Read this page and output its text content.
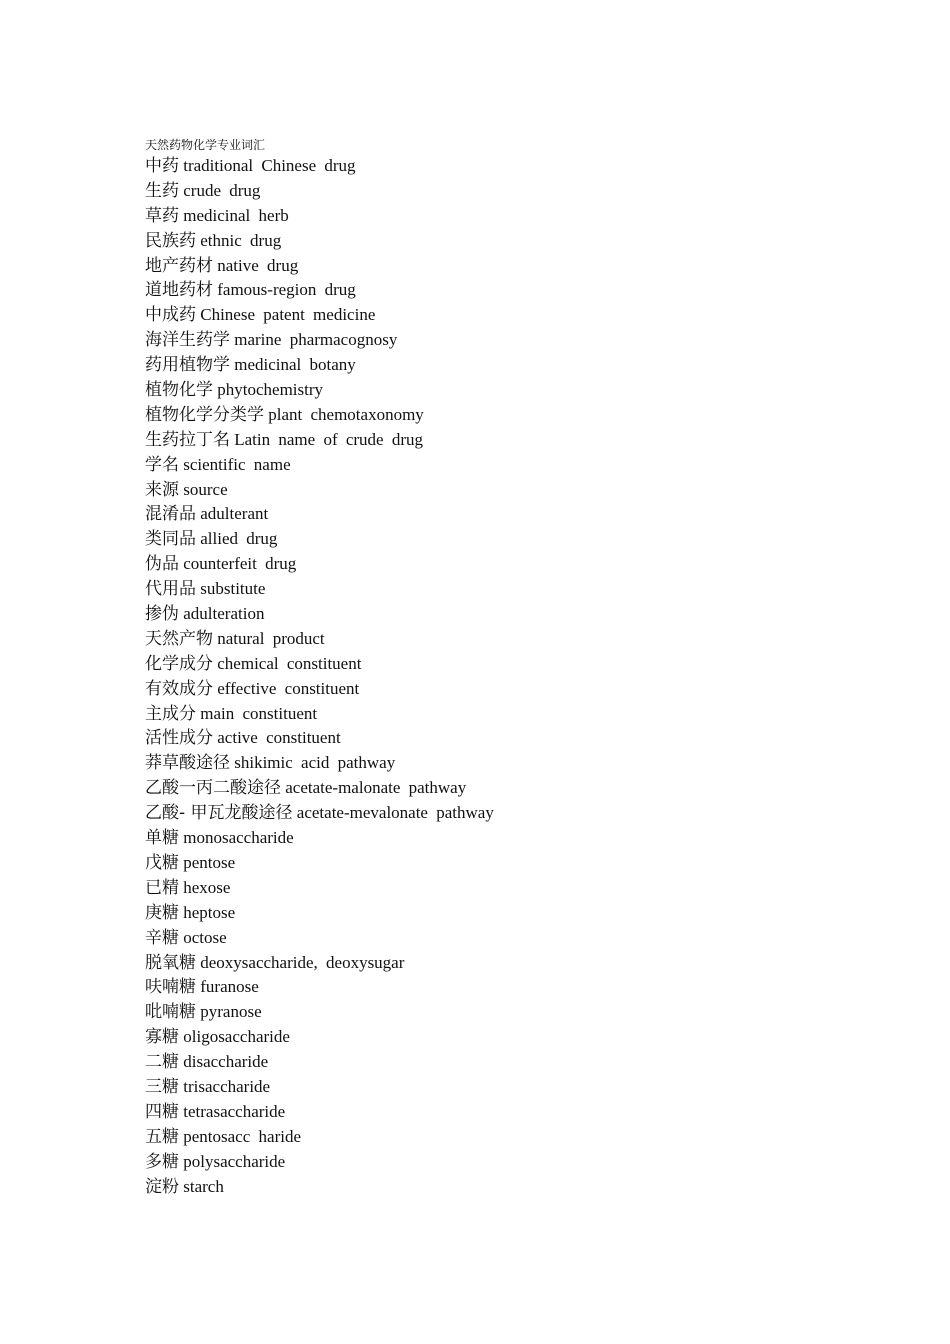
天然药物化学专业词汇
中药 traditional Chinese drug
生药 crude drug
草药 medicinal herb
民族药 ethnic drug
地产药材 native drug
道地药材 famous-region drug
中成药 Chinese patent medicine
海洋生药学 marine pharmacognosy
药用植物学 medicinal botany
植物化学 phytochemistry
植物化学分类学 plant chemotaxonomy
生药拉丁名 Latin name of crude drug
学名 scientific name
来源 source
混淆品 adulterant
类同品 allied drug
伪品 counterfeit drug
代用品 substitute
掺伪 adulteration
天然产物 natural product
化学成分 chemical constituent
有效成分 effective constituent
主成分 main constituent
活性成分 active constituent
莽草酸途径 shikimic acid pathway
乙酸一丙二酸途径 acetate-malonate pathway
乙酸- 甲瓦龙酸途径 acetate-mevalonate pathway
单糖 monosaccharide
戊糖 pentose
已精 hexose
庚糖 heptose
辛糖 octose
脱氧糖 deoxysaccharide, deoxysugar
呋喃糖 furanose
吡喃糖 pyranose
寡糖 oligosaccharide
二糖 disaccharide
三糖 trisaccharide
四糖 tetrasaccharide
五糖 pentosacc haride
多糖 polysaccharide
淀粉 starch
